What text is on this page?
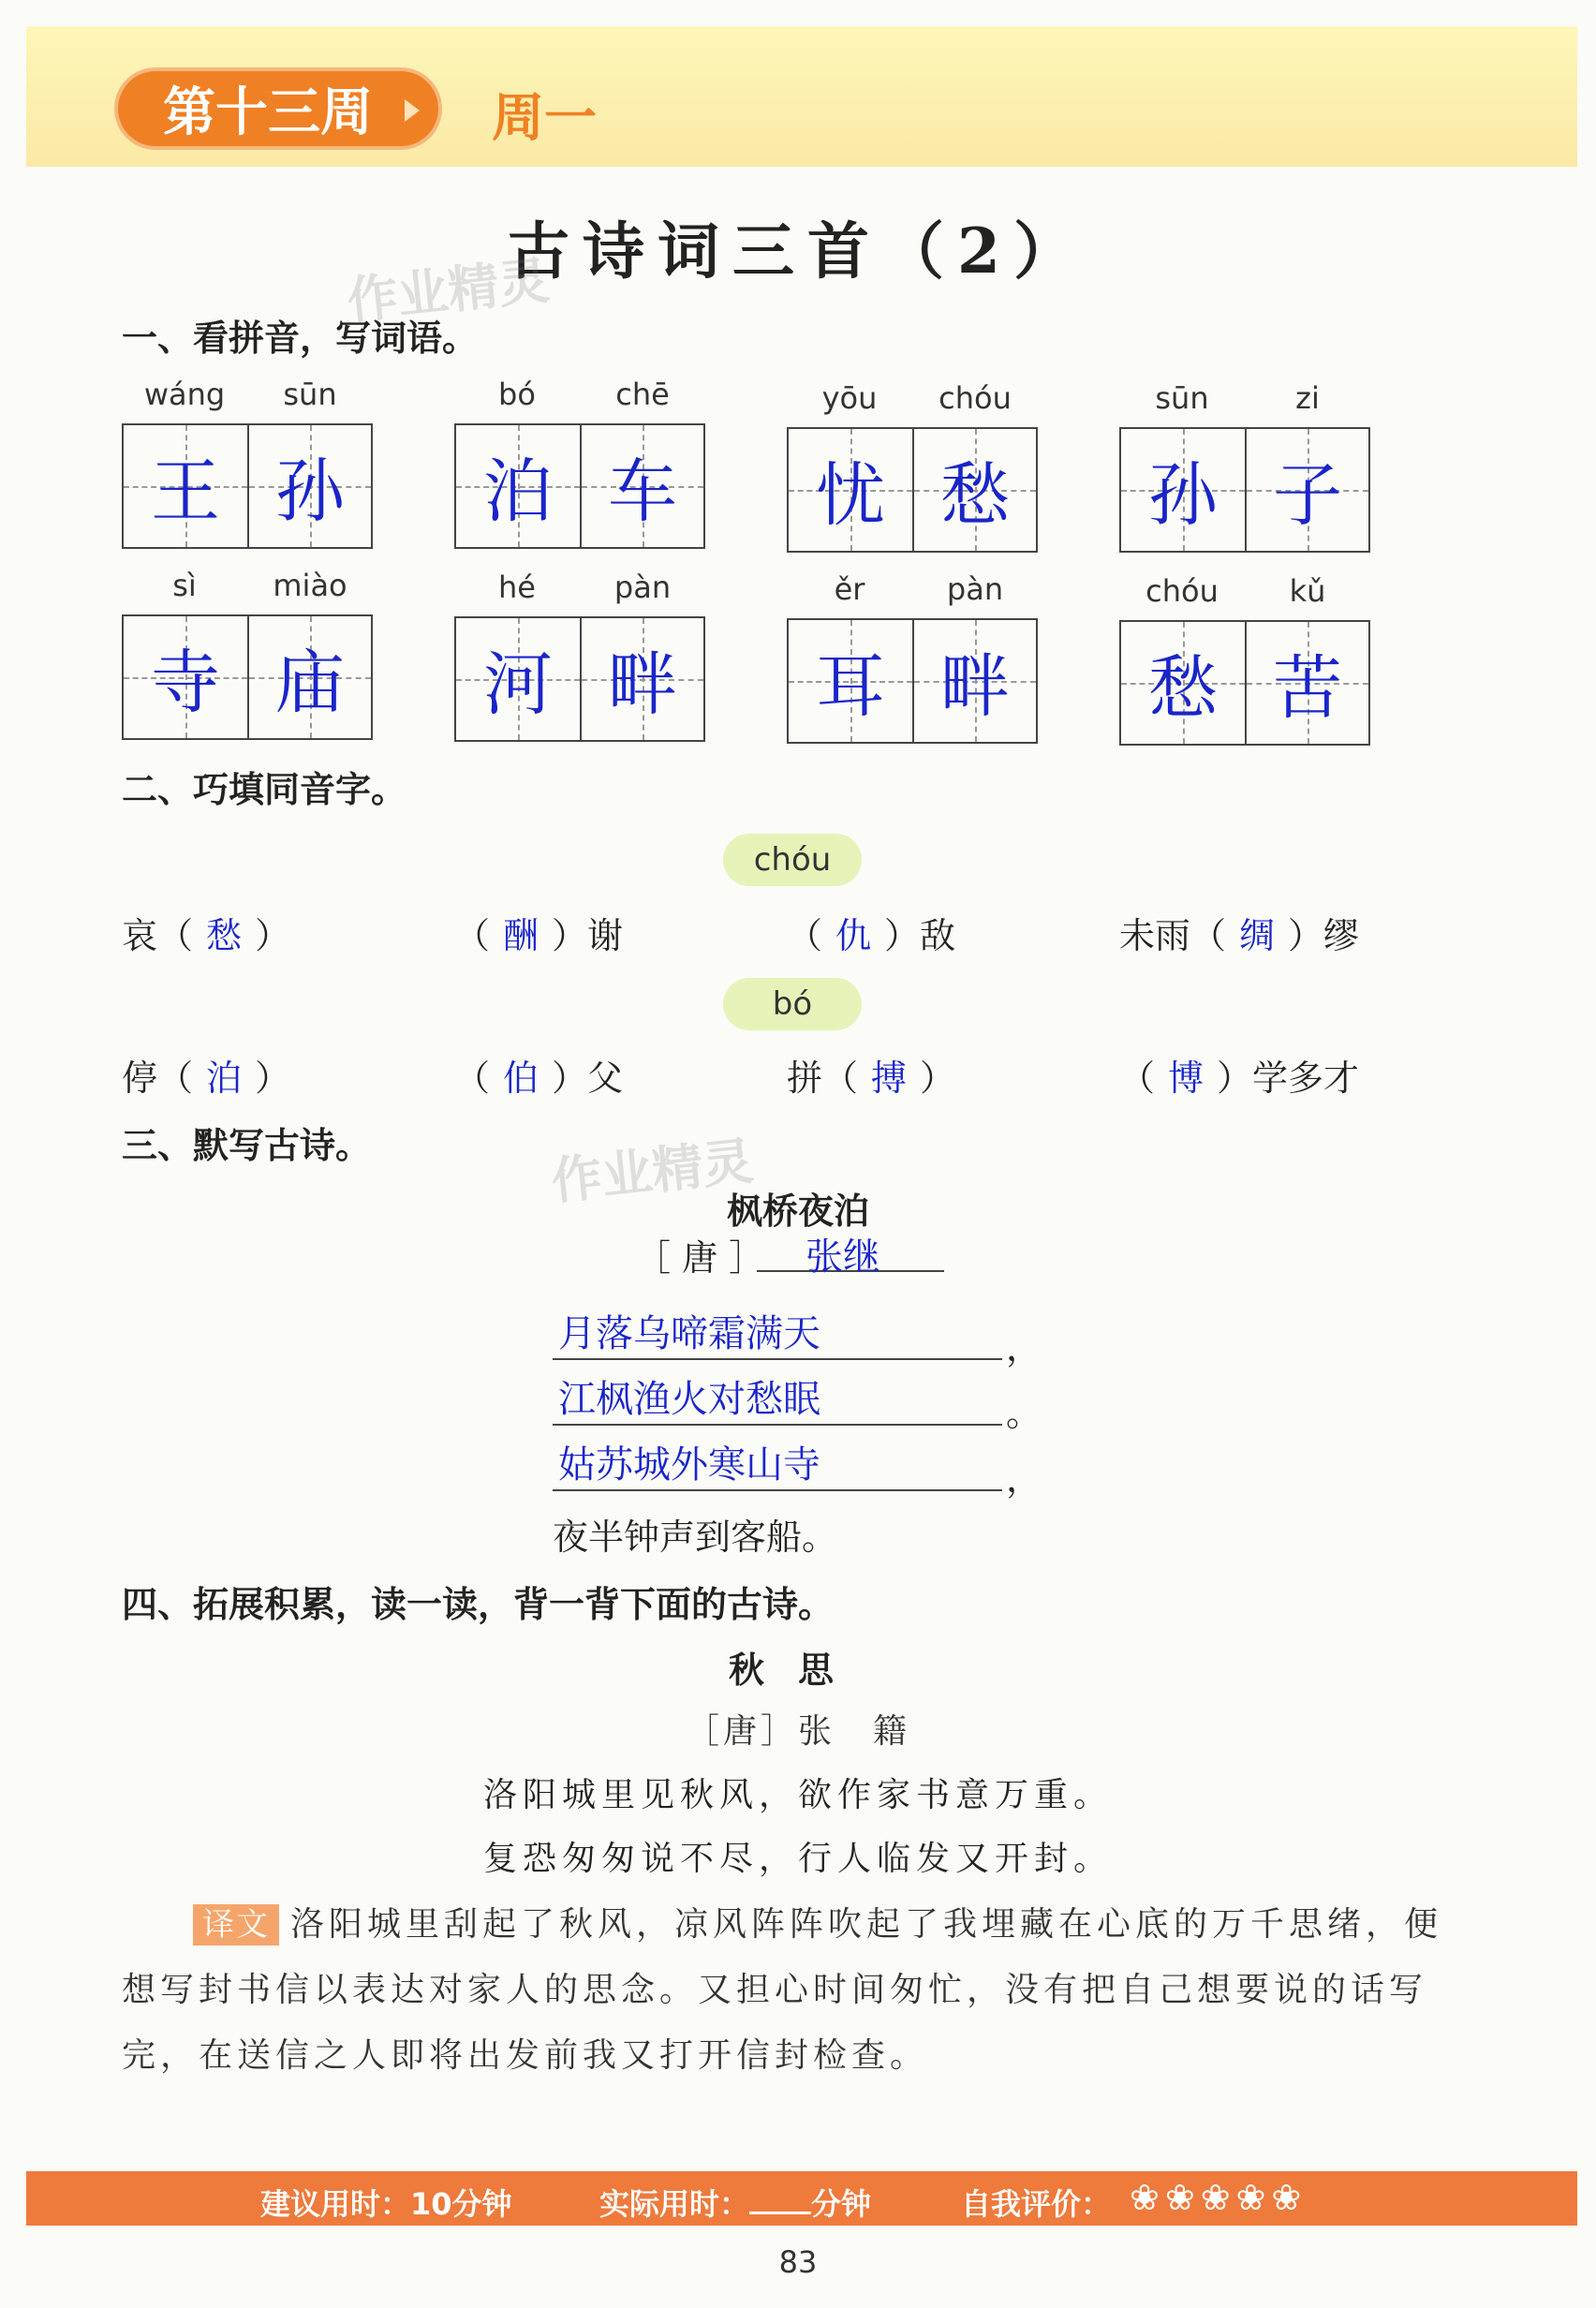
第十三周 周一
古诗词三首（2）
作业精灵
一、看拼音，写词语。
wáng	sūn
王 孙
bó	chē
泊 车
yōu	chóu
忧 愁
sūn	zi
孙 子
sì	miào
寺 庙
hé	pàn
河 畔
ěr	pàn
耳 畔
chóu	kǔ
愁 苦
二、巧填同音字。
chóu
哀（ 愁 ）	（ 酬 ）谢	（ 仇 ）敌	未雨（ 绸 ）缪
bó
停（ 泊 ）	（ 伯 ）父	拼（ 搏 ）	（ 博 ）学多才
三、默写古诗。	作业精灵
枫桥夜泊
［ 唐 ］	张继
月落乌啼霜满天	，
江枫渔火对愁眠	。
姑苏城外寒山寺	，
夜半钟声到客船。
四、拓展积累，读一读，背一背下面的古诗。
秋思
［唐］张　籍
洛阳城里见秋风，欲作家书意万重。
复恐匆匆说不尽，行人临发又开封。
译文 洛阳城里刮起了秋风，凉风阵阵吹起了我埋藏在心底的万千思绪，便想写封书信以表达对家人的思念。又担心时间匆忙，没有把自己想要说的话写完，在送信之人即将出发前我又打开信封检查。
建议用时：10分钟	实际用时： 分钟	自我评价： ❀ ❀ ❀ ❀ ❀
83
